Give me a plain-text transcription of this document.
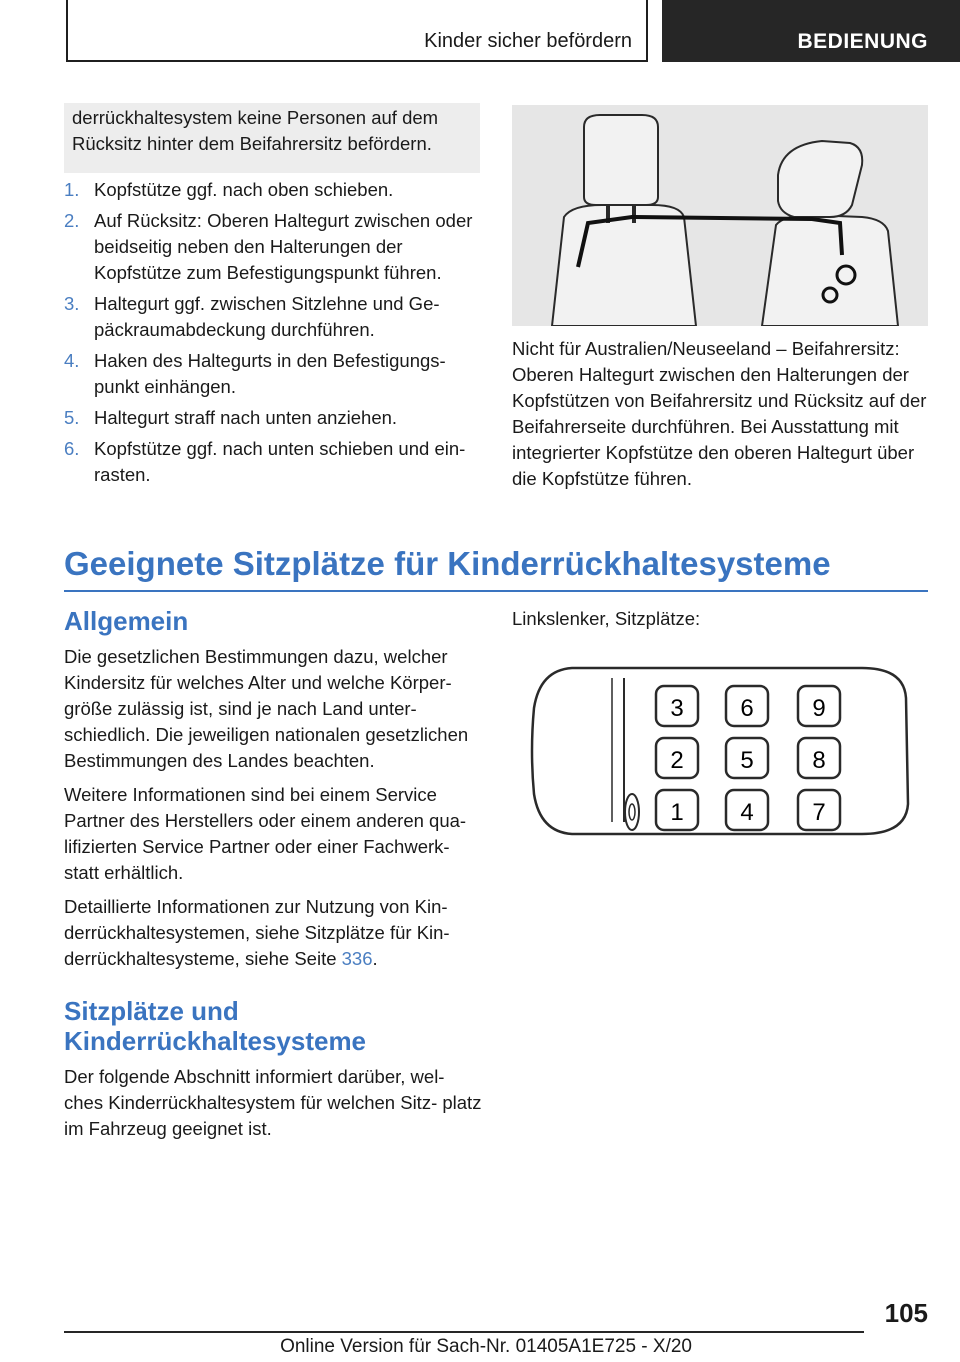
Kinder sicher befördern	BEDIENUNG
derrückhaltesystem keine Personen auf dem Rücksitz hinter dem Beifahrersitz befördern.
1. Kopfstütze ggf. nach oben schieben.
2. Auf Rücksitz: Oberen Haltegurt zwischen oder beidseitig neben den Halterungen der Kopfstütze zum Befestigungspunkt führen.
3. Haltegurt ggf. zwischen Sitzlehne und Ge- päckraumabdeckung durchführen.
4. Haken des Haltegurts in den Befestigungs- punkt einhängen.
5. Haltegurt straff nach unten anziehen.
6. Kopfstütze ggf. nach unten schieben und ein- rasten.
Nicht für Australien/Neuseeland – Beifahrersitz: Oberen Haltegurt zwischen den Halterungen der Kopfstützen von Beifahrersitz und Rücksitz auf der Beifahrerseite durchführen. Bei Ausstattung mit integrierter Kopfstütze den oberen Haltegurt über die Kopfstütze führen.
Geeignete Sitzplätze für Kinderrückhaltesysteme
Allgemein

Die gesetzlichen Bestimmungen dazu, welcher Kindersitz für welches Alter und welche Körper- größe zulässig ist, sind je nach Land unter- schiedlich. Die jeweiligen nationalen gesetzlichen Bestimmungen des Landes beachten.

Weitere Informationen sind bei einem Service Partner des Herstellers oder einem anderen qua- lifizierten Service Partner oder einer Fachwerk- statt erhältlich.

Detaillierte Informationen zur Nutzung von Kin- derrückhaltesystemen, siehe Sitzplätze für Kin- derrückhaltesysteme, siehe Seite 336.

Sitzplätze und Kinderrückhaltesysteme

Der folgende Abschnitt informiert darüber, wel- ches Kinderrückhaltesystem für welchen Sitz- platz im Fahrzeug geeignet ist.

Linkslenker, Sitzplätze:
3 6 9
2 5 8
1 4 7
105
Online Version für Sach-Nr. 01405A1E725 - X/20
